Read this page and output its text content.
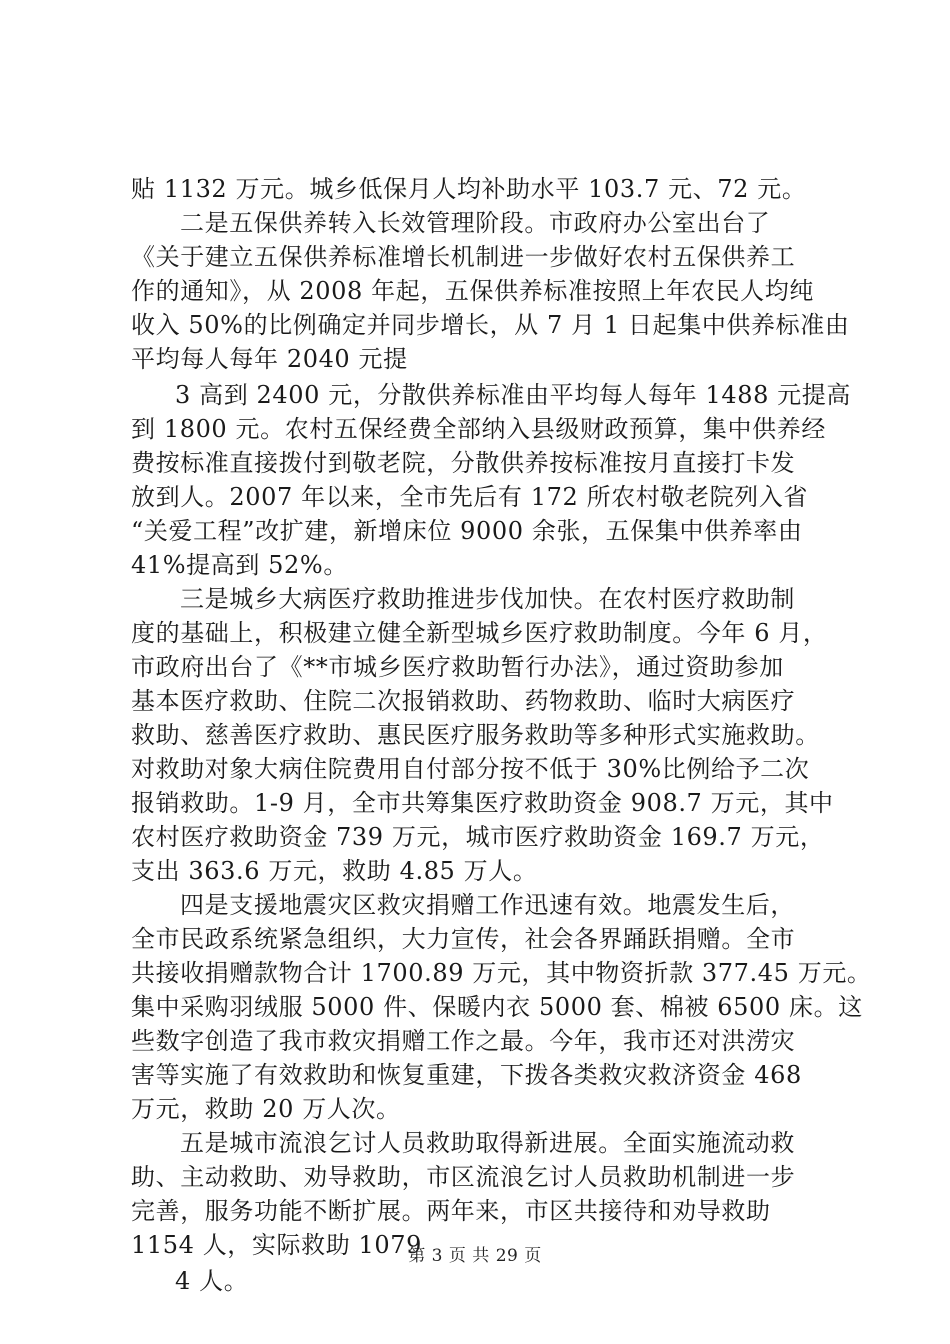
贴 1132 万元。城乡低保月人均补助水平 103.7 元、72 元。
二是五保供养转入长效管理阶段。市政府办公室出台了
《关于建立五保供养标准增长机制进一步做好农村五保供养工
作的通知》，从 2008 年起，五保供养标准按照上年农民人均纯
收入 50%的比例确定并同步增长，从 7 月 1 日起集中供养标准由
平均每人每年 2040 元提
3 高到 2400 元，分散供养标准由平均每人每年 1488 元提高
到 1800 元。农村五保经费全部纳入县级财政预算，集中供养经
费按标准直接拨付到敬老院，分散供养按标准按月直接打卡发
放到人。2007 年以来，全市先后有 172 所农村敬老院列入省
“关爱工程”改扩建，新增床位 9000 余张，五保集中供养率由
41%提高到 52%。
三是城乡大病医疗救助推进步伐加快。在农村医疗救助制
度的基础上，积极建立健全新型城乡医疗救助制度。今年 6 月，
市政府出台了《**市城乡医疗救助暂行办法》，通过资助参加
基本医疗救助、住院二次报销救助、药物救助、临时大病医疗
救助、慈善医疗救助、惠民医疗服务救助等多种形式实施救助。
对救助对象大病住院费用自付部分按不低于 30%比例给予二次
报销救助。1-9 月，全市共筹集医疗救助资金 908.7 万元，其中
农村医疗救助资金 739 万元，城市医疗救助资金 169.7 万元，
支出 363.6 万元，救助 4.85 万人。
四是支援地震灾区救灾捐赠工作迅速有效。地震发生后，
全市民政系统紧急组织，大力宣传，社会各界踊跃捐赠。全市
共接收捐赠款物合计 1700.89 万元，其中物资折款 377.45 万元。
集中采购羽绒服 5000 件、保暖内衣 5000 套、棉被 6500 床。这
些数字创造了我市救灾捐赠工作之最。今年，我市还对洪涝灾
害等实施了有效救助和恢复重建，下拨各类救灾救济资金 468
万元，救助 20 万人次。
五是城市流浪乞讨人员救助取得新进展。全面实施流动救
助、主动救助、劝导救助，市区流浪乞讨人员救助机制进一步
完善，服务功能不断扩展。两年来，市区共接待和劝导救助
1154 人，实际救助 1079
4 人。
第 3 页 共 29 页
